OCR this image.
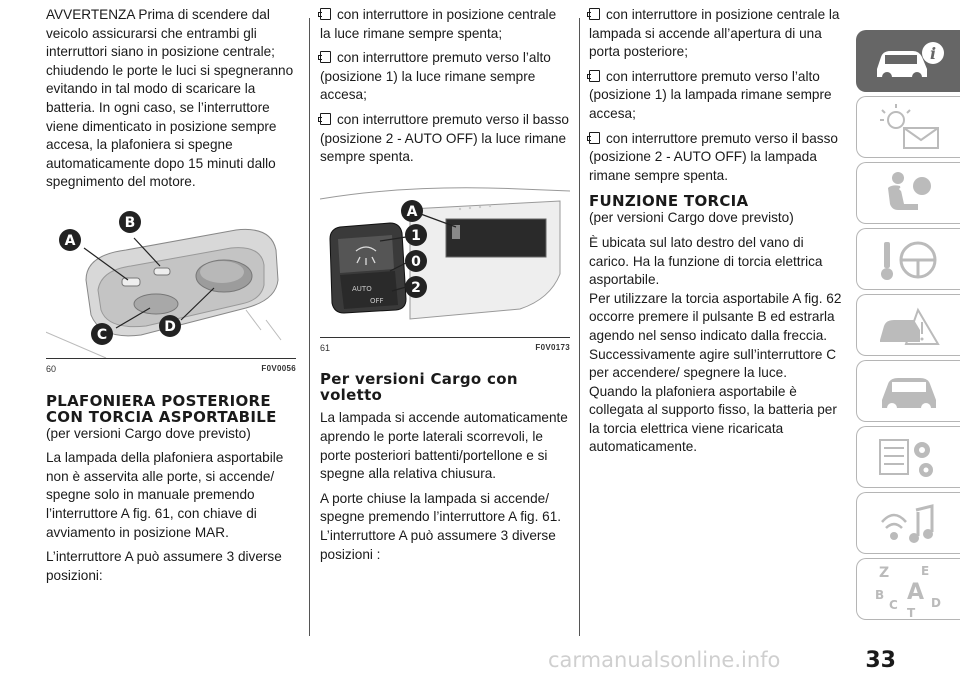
AVVERTENZA Prima di scendere dal veicolo assicurarsi che entrambi gli interruttori siano in posizione centrale; chiudendo le porte le luci si spegneranno evitando in tal modo di scaricare la batteria. In ogni caso, se l’interruttore viene dimenticato in posizione sempre accesa, la plafoniera si spegne automaticamente dopo 15 minuti dallo spegnimento del motore.

A
B
C	D
60	F0V0056
PLAFONIERA POSTERIORE CON TORCIA ASPORTABILE

(per versioni Cargo dove previsto)

La lampada della plafoniera asportabile non è asservita alle porte, si accende/ spegne solo in manuale premendo l’interruttore A fig. 61, con chiave di avviamento in posizione MAR.

L’interruttore A può assumere 3 diverse posizioni:

con interruttore in posizione centrale la luce rimane sempre spenta;

con interruttore premuto verso l’alto (posizione 1) la luce rimane sempre accesa;

con interruttore premuto verso il basso (posizione 2 - AUTO OFF) la luce rimane sempre spenta.

AUTO
OFF
A
1
0
2
61	F0V0173
Per versioni Cargo con voletto

La lampada si accende automaticamente aprendo le porte laterali scorrevoli, le porte posteriori battenti/portellone e si spegne alla relativa chiusura.

A porte chiuse la lampada si accende/ spegne premendo l’interruttore A fig. 61.

L’interruttore A può assumere 3 diverse posizioni :

con interruttore in posizione centrale la lampada si accende all’apertura di una porta posteriore;

con interruttore premuto verso l’alto (posizione 1) la lampada rimane sempre accesa;

con interruttore premuto verso il basso (posizione 2 - AUTO OFF) la lampada rimane sempre spenta.

FUNZIONE TORCIA

(per versioni Cargo dove previsto)

È ubicata sul lato destro del vano di carico. Ha la funzione di torcia elettrica asportabile.

Per utilizzare la torcia asportabile A fig. 62 occorre premere il pulsante B ed estrarla agendo nel senso indicato dalla freccia. Successivamente agire sull’interruttore C per accendere/ spegnere la luce.

Quando la plafoniera asportabile è collegata al supporto fisso, la batteria per la torcia elettrica viene ricaricata automaticamente.

i
Z	E
B A
C	D
T
carmanualsonline.info	33
